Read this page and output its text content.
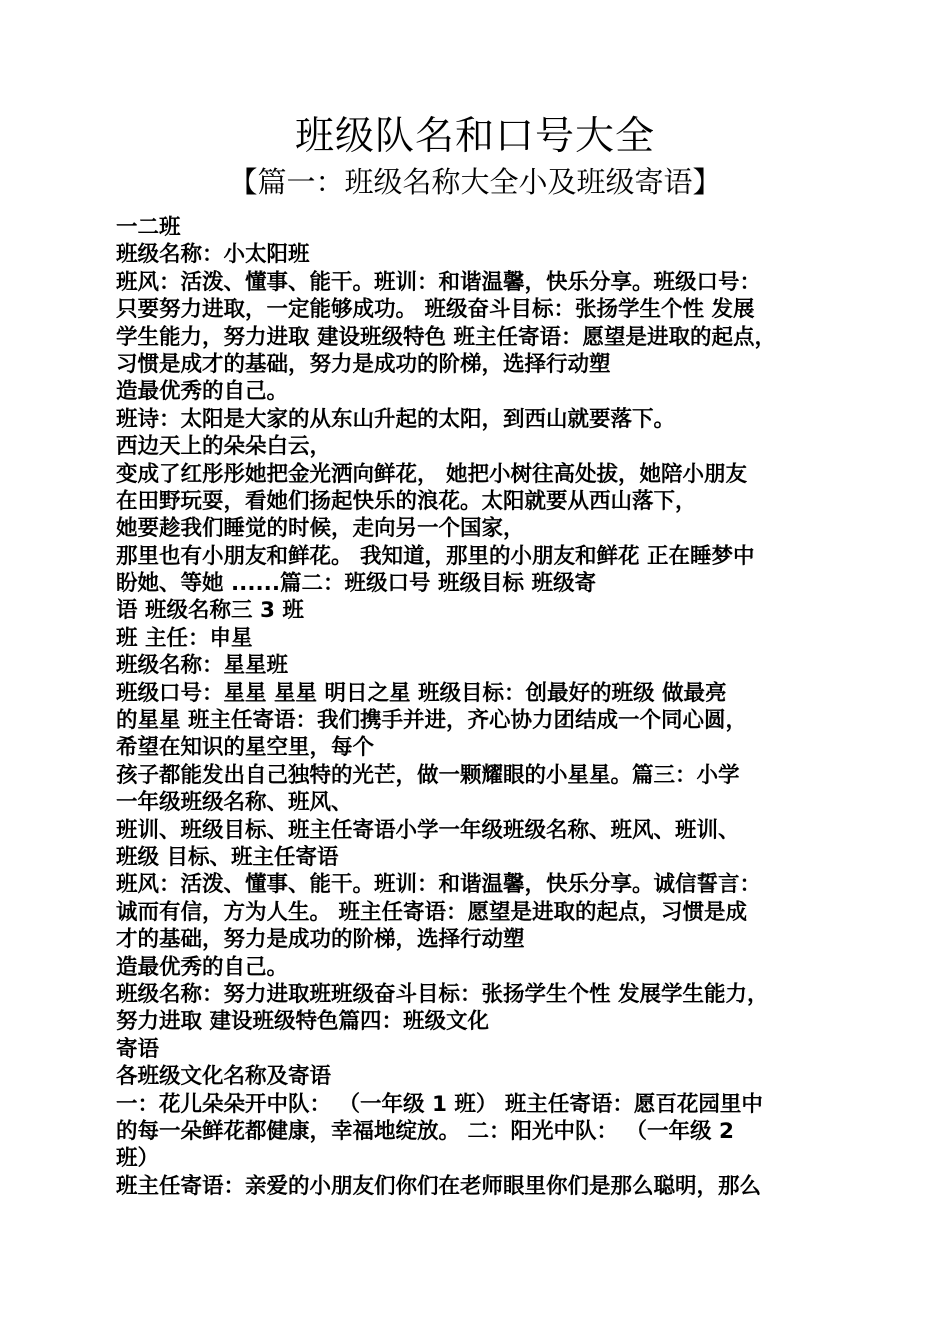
班级队名和口号大全
【篇一：班级名称大全小及班级寄语】
一二班
班级名称：小太阳班
班风：活泼、懂事、能干。班训：和谐温馨，快乐分享。班级口号：
只要努力进取，一定能够成功。 班级奋斗目标：张扬学生个性 发展
学生能力，努力进取 建设班级特色 班主任寄语：愿望是进取的起点，
习惯是成才的基础，努力是成功的阶梯，选择行动塑
造最优秀的自己。
班诗：太阳是大家的从东山升起的太阳，到西山就要落下。
西边天上的朵朵白云，
变成了红彤彤她把金光洒向鲜花， 她把小树往高处拔，她陪小朋友
在田野玩耍，看她们扬起快乐的浪花。太阳就要从西山落下，
她要趁我们睡觉的时候，走向另一个国家，
那里也有小朋友和鲜花。 我知道，那里的小朋友和鲜花 正在睡梦中
盼她、等她 ......篇二：班级口号 班级目标 班级寄
语 班级名称三 3 班
班 主任：申星
班级名称：星星班
班级口号：星星 星星 明日之星 班级目标：创最好的班级 做最亮
的星星 班主任寄语：我们携手并进，齐心协力团结成一个同心圆，
希望在知识的星空里，每个
孩子都能发出自己独特的光芒，做一颗耀眼的小星星。篇三：小学
一年级班级名称、班风、
班训、班级目标、班主任寄语小学一年级班级名称、班风、班训、
班级 目标、班主任寄语
班风：活泼、懂事、能干。班训：和谐温馨，快乐分享。诚信誓言：
诚而有信，方为人生。 班主任寄语：愿望是进取的起点，习惯是成
才的基础，努力是成功的阶梯，选择行动塑
造最优秀的自己。
班级名称：努力进取班班级奋斗目标：张扬学生个性 发展学生能力，
努力进取 建设班级特色篇四：班级文化
寄语
各班级文化名称及寄语
一：花儿朵朵开中队： （一年级 1 班） 班主任寄语：愿百花园里中
的每一朵鲜花都健康，幸福地绽放。 二：阳光中队： （一年级 2
班）
班主任寄语：亲爱的小朋友们你们在老师眼里你们是那么聪明，那么
